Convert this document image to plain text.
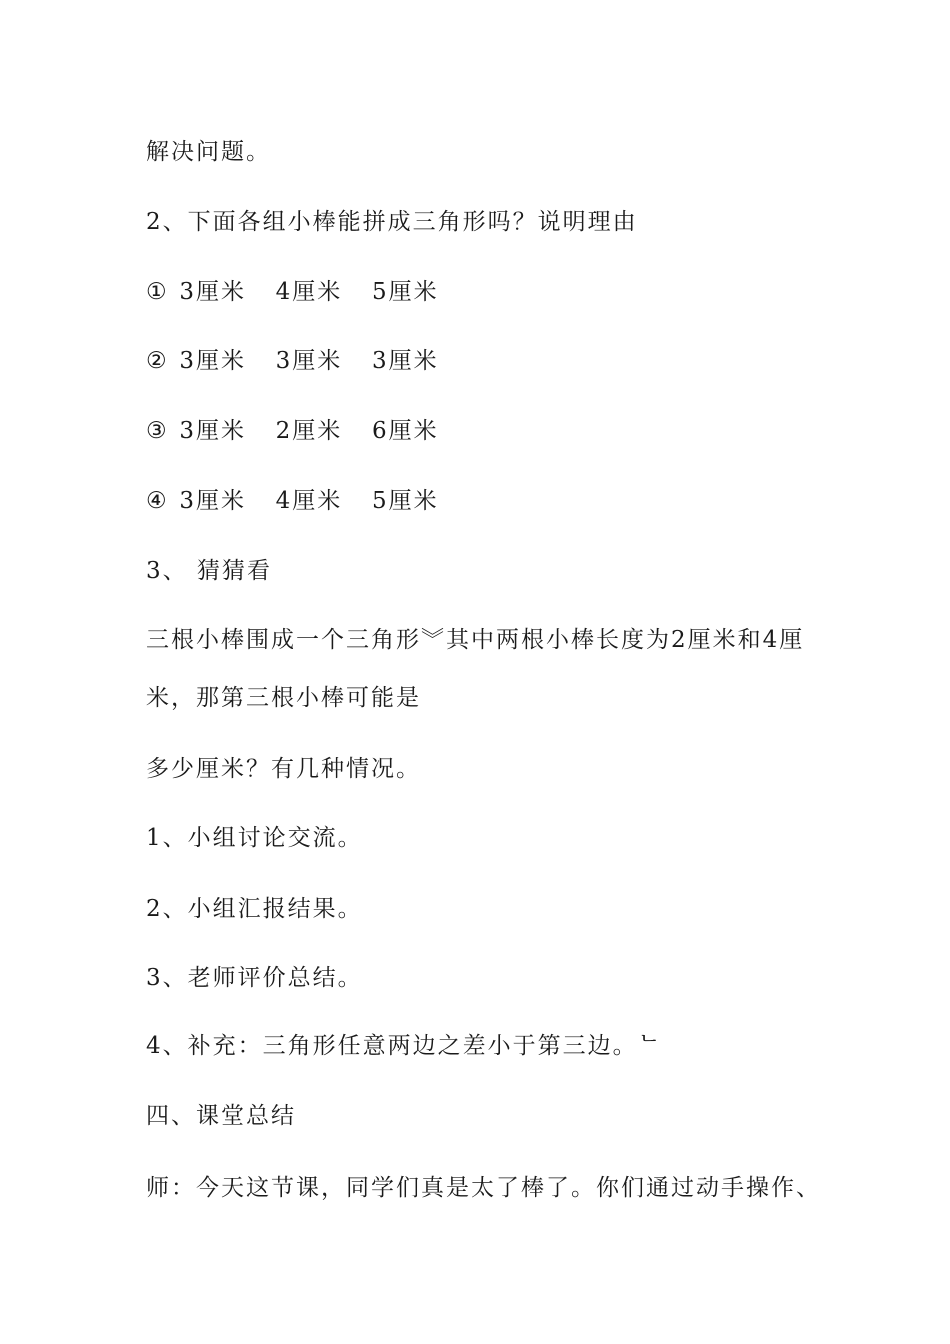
解决问题。
2、下面各组小棒能拼成三角形吗？说明理由
① 3厘米 4厘米 5厘米
② 3厘米 3厘米 3厘米
③ 3厘米 2厘米 6厘米
④ 3厘米 4厘米 5厘米
3、 猜猜看
三根小棒围成一个三角形︾其中两根小棒长度为2厘米和4厘
米，那第三根小棒可能是
多少厘米？有几种情况。
1、小组讨论交流。
2、小组汇报结果。
3、老师评价总结。
4、补充：三角形任意两边之差小于第三边。ᄂ
四、课堂总结
师：今天这节课，同学们真是太了棒了。你们通过动手操作、
